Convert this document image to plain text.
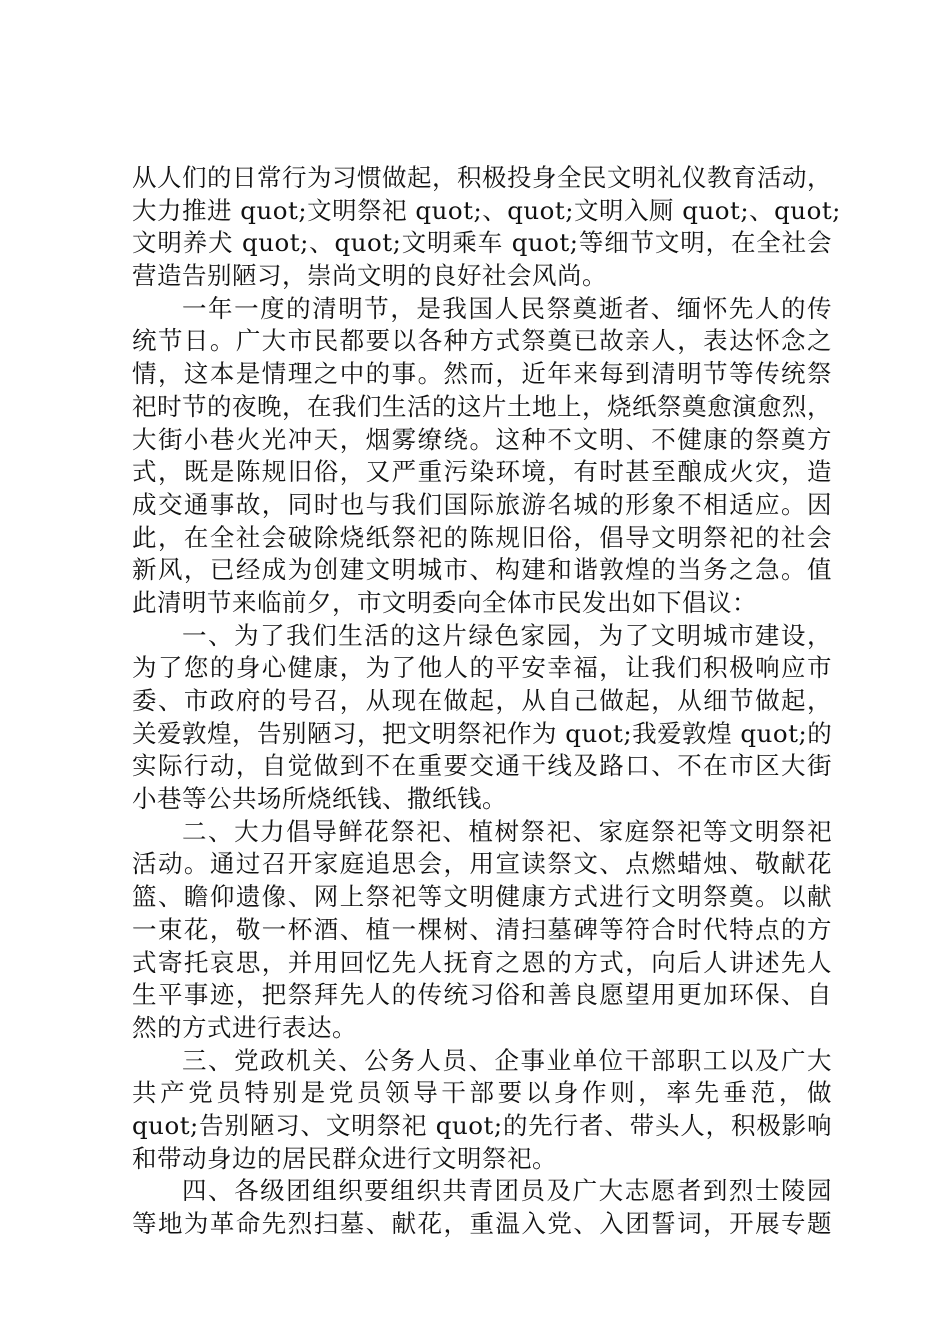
从人们的日常行为习惯做起，积极投身全民文明礼仪教育活动，
大力推进 quot;文明祭祀 quot;、quot;文明入厕 quot;、quot;
文明养犬 quot;、quot;文明乘车 quot;等细节文明，在全社会
营造告别陋习，崇尚文明的良好社会风尚。
一年一度的清明节，是我国人民祭奠逝者、缅怀先人的传
统节日。广大市民都要以各种方式祭奠已故亲人，表达怀念之
情，这本是情理之中的事。然而，近年来每到清明节等传统祭
祀时节的夜晚，在我们生活的这片土地上，烧纸祭奠愈演愈烈，
大街小巷火光冲天，烟雾缭绕。这种不文明、不健康的祭奠方
式，既是陈规旧俗，又严重污染环境，有时甚至酿成火灾，造
成交通事故，同时也与我们国际旅游名城的形象不相适应。因
此，在全社会破除烧纸祭祀的陈规旧俗，倡导文明祭祀的社会
新风，已经成为创建文明城市、构建和谐敦煌的当务之急。值
此清明节来临前夕，市文明委向全体市民发出如下倡议：
一、为了我们生活的这片绿色家园，为了文明城市建设，
为了您的身心健康，为了他人的平安幸福，让我们积极响应市
委、市政府的号召，从现在做起，从自己做起，从细节做起，
关爱敦煌，告别陋习，把文明祭祀作为 quot;我爱敦煌 quot;的
实际行动，自觉做到不在重要交通干线及路口、不在市区大街
小巷等公共场所烧纸钱、撒纸钱。
二、大力倡导鲜花祭祀、植树祭祀、家庭祭祀等文明祭祀
活动。通过召开家庭追思会，用宣读祭文、点燃蜡烛、敬献花
篮、瞻仰遗像、网上祭祀等文明健康方式进行文明祭奠。以献
一束花，敬一杯酒、植一棵树、清扫墓碑等符合时代特点的方
式寄托哀思，并用回忆先人抚育之恩的方式，向后人讲述先人
生平事迹，把祭拜先人的传统习俗和善良愿望用更加环保、自
然的方式进行表达。
三、党政机关、公务人员、企事业单位干部职工以及广大
共产党员特别是党员领导干部要以身作则，率先垂范，做
quot;告别陋习、文明祭祀 quot;的先行者、带头人，积极影响
和带动身边的居民群众进行文明祭祀。
四、各级团组织要组织共青团员及广大志愿者到烈士陵园
等地为革命先烈扫墓、献花，重温入党、入团誓词，开展专题
